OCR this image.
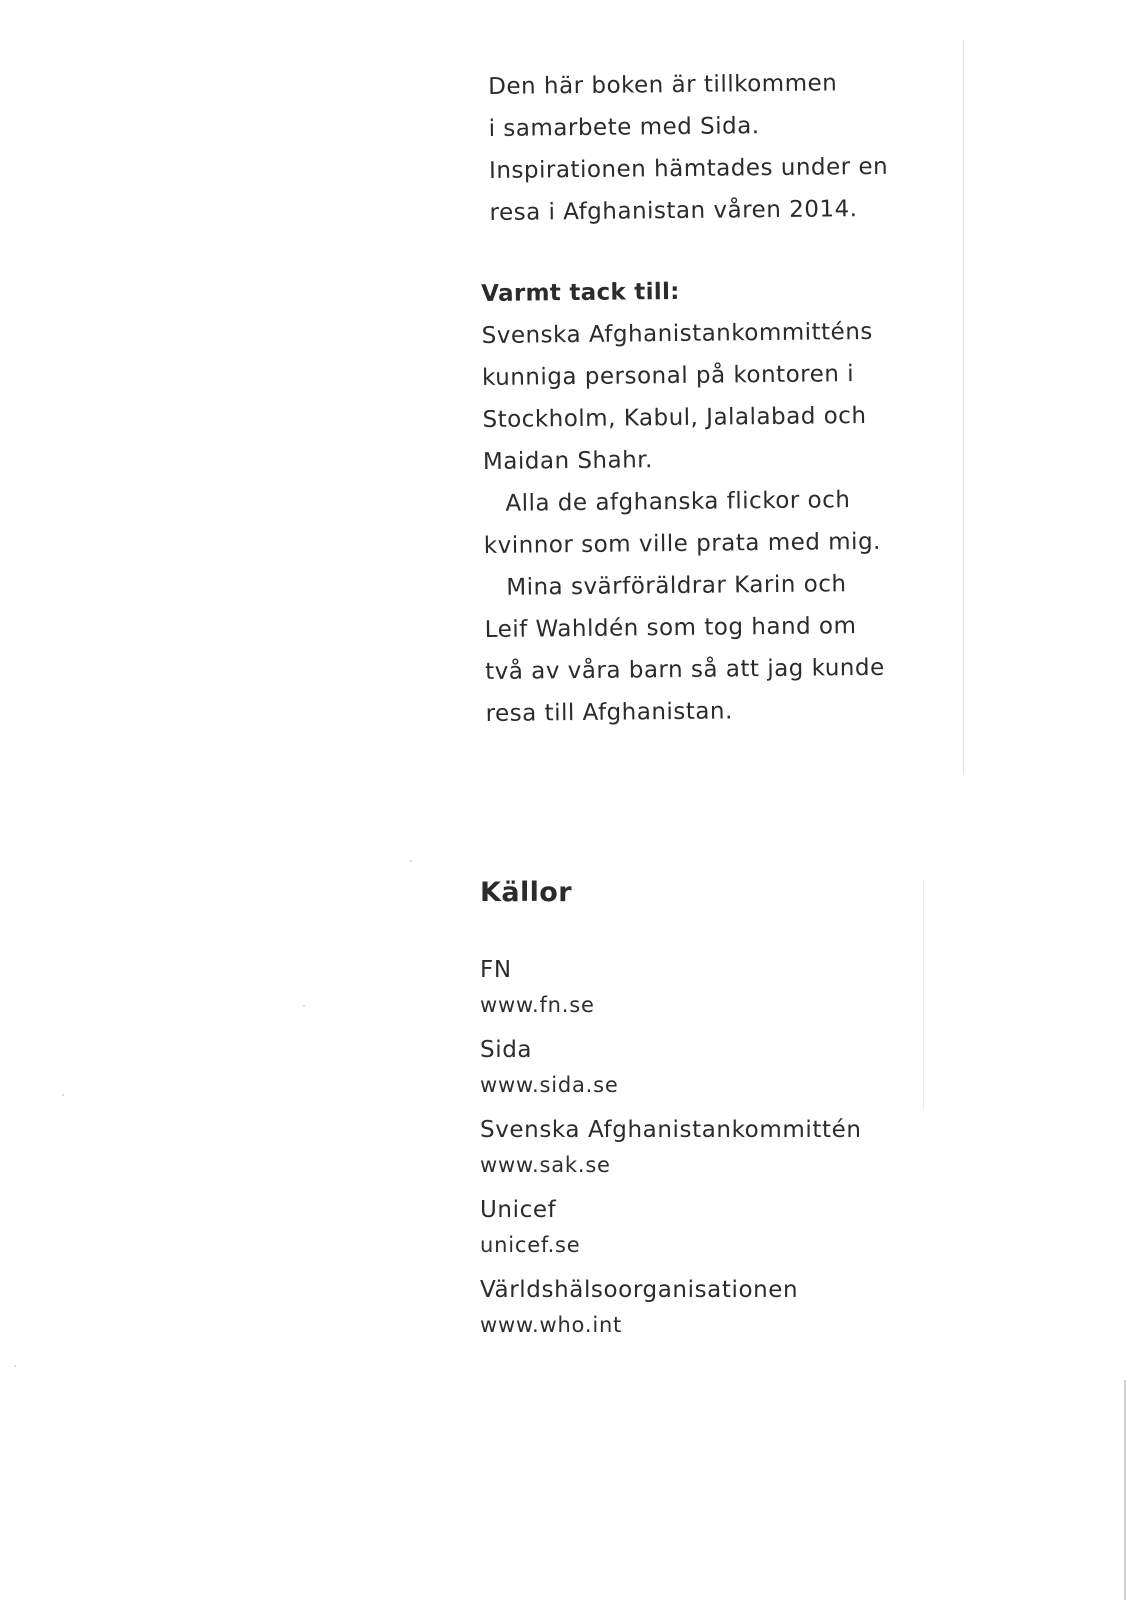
Den här boken är tillkommen
i samarbete med Sida.
Inspirationen hämtades under en
resa i Afghanistan våren 2014.
Varmt tack till:
Svenska Afghanistankommitténs
kunniga personal på kontoren i
Stockholm, Kabul, Jalalabad och
Maidan Shahr.
Alla de afghanska flickor och
kvinnor som ville prata med mig.
Mina svärföräldrar Karin och
Leif Wahldén som tog hand om
två av våra barn så att jag kunde
resa till Afghanistan.
Källor
FN
www.fn.se
Sida
www.sida.se
Svenska Afghanistankommittén
www.sak.se
Unicef
unicef.se
Världshälsoorganisationen
www.who.int
